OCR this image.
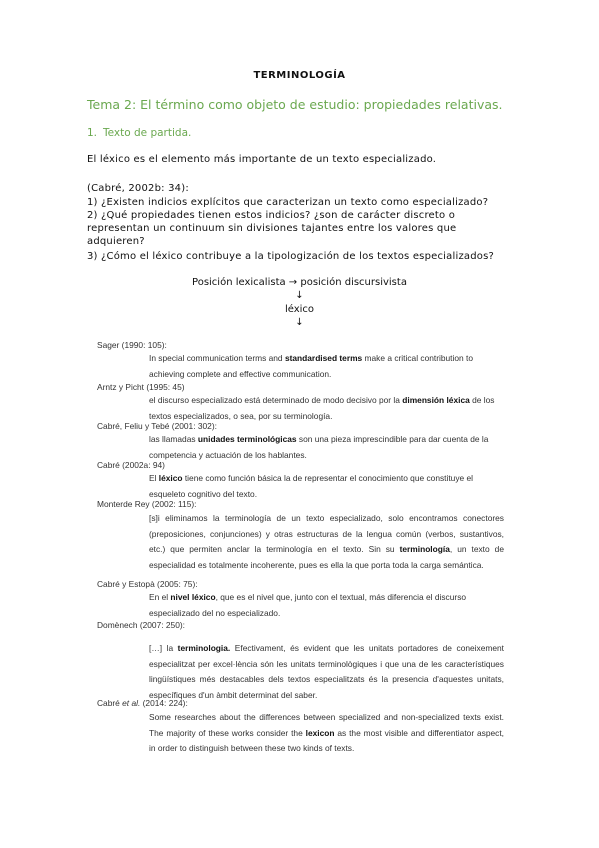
TERMINOLOGÍA
Tema 2: El término como objeto de estudio: propiedades relativas.
1. Texto de partida.
El léxico es el elemento más importante de un texto especializado.
(Cabré, 2002b: 34):
1) ¿Existen indicios explícitos que caracterizan un texto como especializado?
2) ¿Qué propiedades tienen estos indicios? ¿son de carácter discreto o representan un continuum sin divisiones tajantes entre los valores que adquieren?
3) ¿Cómo el léxico contribuye a la tipologización de los textos especializados?
Posición lexicalista → posición discursivista
↓
léxico
↓
Sager (1990: 105):
In special communication terms and standardised terms make a critical contribution to achieving complete and effective communication.
Arntz y Picht (1995: 45)
el discurso especializado está determinado de modo decisivo por la dimensión léxica de los textos especializados, o sea, por su terminología.
Cabré, Feliu y Tebé (2001: 302):
las llamadas unidades terminológicas son una pieza imprescindible para dar cuenta de la competencia y actuación de los hablantes.
Cabré (2002a: 94)
El léxico tiene como función básica la de representar el conocimiento que constituye el esqueleto cognitivo del texto.
Monterde Rey (2002: 115):
[s]i eliminamos la terminología de un texto especializado, solo encontramos conectores (preposiciones, conjunciones) y otras estructuras de la lengua común (verbos, sustantivos, etc.) que permiten anclar la terminología en el texto. Sin su terminología, un texto de especialidad es totalmente incoherente, pues es ella la que porta toda la carga semántica.
Cabré y Estopà (2005: 75):
En el nivel léxico, que es el nivel que, junto con el textual, más diferencia el discurso especializado del no especializado.
Domènech (2007: 250):
[…] la terminologia. Efectivament, és evident que les unitats portadores de coneixement especialitzat per excel·lència són les unitats terminològiques i que una de les característiques lingüístiques més destacables dels textos especialitzats és la presencia d'aquestes unitats, específiques d'un àmbit determinat del saber.
Cabré et al. (2014: 224):
Some researches about the differences between specialized and non-specialized texts exist. The majority of these works consider the lexicon as the most visible and differentiator aspect, in order to distinguish between these two kinds of texts.
